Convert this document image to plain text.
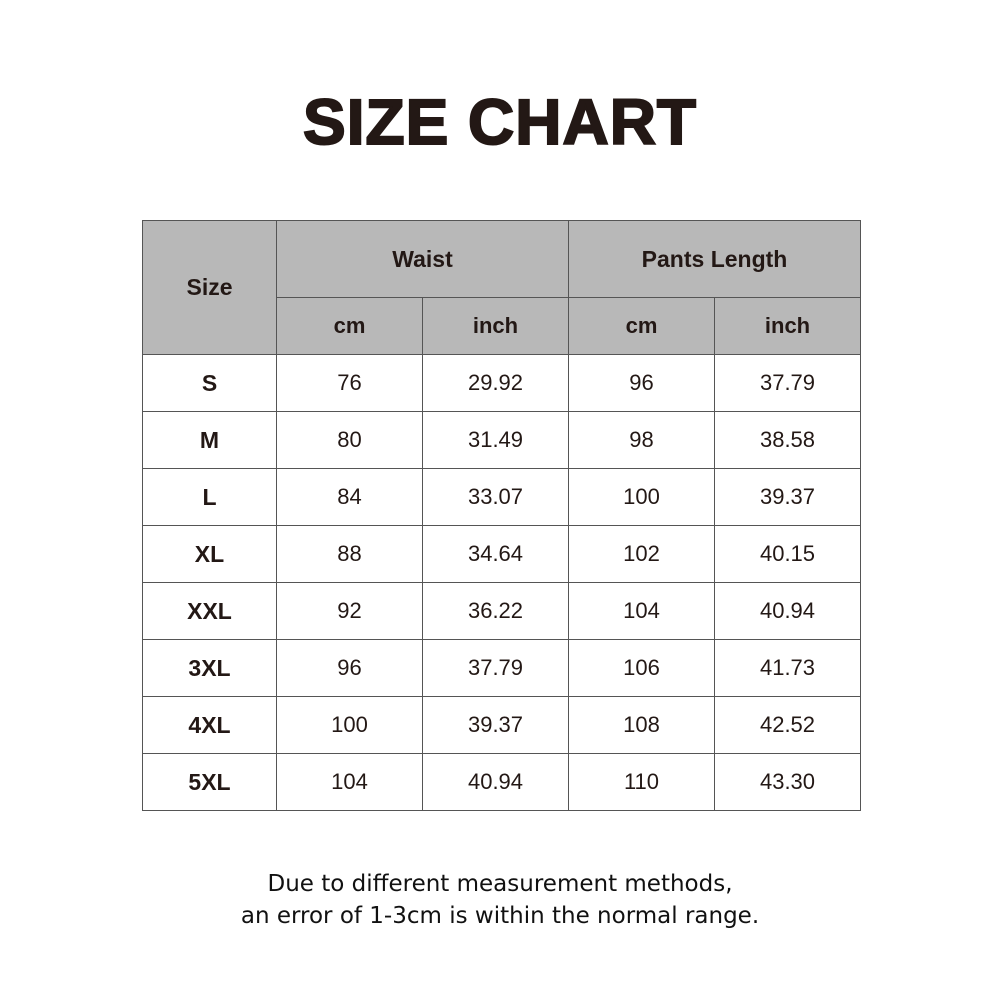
SIZE CHART
Size	Waist		Pants Length	
	cm	inch	cm	inch
S	76	29.92	96	37.79
M	80	31.49	98	38.58
L	84	33.07	100	39.37
XL	88	34.64	102	40.15
XXL	92	36.22	104	40.94
3XL	96	37.79	106	41.73
4XL	100	39.37	108	42.52
5XL	104	40.94	110	43.30
Due to different measurement methods,
an error of 1-3cm is within the normal range.
